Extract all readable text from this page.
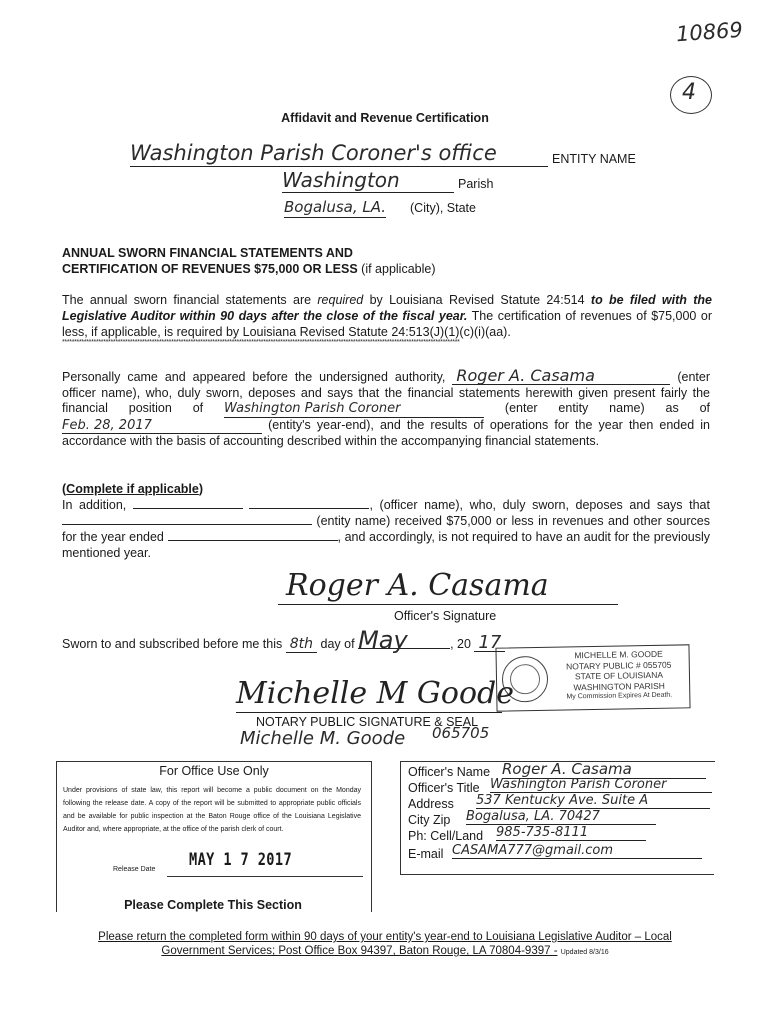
10869
4
Affidavit and Revenue Certification
Washington Parish Coroner's office	ENTITY NAME
Washington	Parish
Bogalusa, LA. (City), State
ANNUAL SWORN FINANCIAL STATEMENTS AND
CERTIFICATION OF REVENUES $75,000 OR LESS (if applicable)
The annual sworn financial statements are required by Louisiana Revised Statute 24:514 to be filed with the Legislative Auditor within 90 days after the close of the fiscal year. The certification of revenues of $75,000 or less, if applicable, is required by Louisiana Revised Statute 24:513(J)(1)(c)(i)(aa).
********************************************************************************************************************************************************************
Personally came and appeared before the undersigned authority, Roger A. Casama	(enter officer name), who, duly sworn, deposes and says that the financial statements herewith given present fairly the financial position of Washington Parish Coroner	(enter entity name) as of Feb. 28, 2017	(entity's year-end), and the results of operations for the year then ended in accordance with the basis of accounting described within the accompanying financial statements.
(Complete if applicable)
In addition,	, (officer name), who, duly sworn, deposes and says that  (entity name) received $75,000 or less in revenues and other sources for the year ended	, and accordingly, is not required to have an audit for the previously mentioned year.
Roger A. Casama
Officer's Signature
Sworn to and subscribed before me this 8th day of May	, 20 17
MICHELLE M. GOODE
NOTARY PUBLIC # 055705
STATE OF LOUISIANA
WASHINGTON PARISH
My Commission Expires At Death.
Michelle M Goode
NOTARY PUBLIC SIGNATURE & SEAL
Michelle M. Goode 065705
For Office Use Only
Under provisions of state law, this report will become a public document on the Monday following the release date. A copy of the report will be submitted to appropriate public officials and be available for public inspection at the Baton Rouge office of the Louisiana Legislative Auditor and, where appropriate, at the office of the parish clerk of court.
MAY 1 7 2017
Release Date
Officer's Name Roger A. Casama
Officer's Title Washington Parish Coroner
Address 537 Kentucky Ave. Suite A
City Zip Bogalusa, LA. 70427
Ph: Cell/Land 985-735-8111
E-mail CASAMA777@gmail.com
Please Complete This Section
Please return the completed form within 90 days of your entity's year-end to Louisiana Legislative Auditor – Local
Government Services; Post Office Box 94397, Baton Rouge, LA 70804-9397 - Updated 8/3/16
